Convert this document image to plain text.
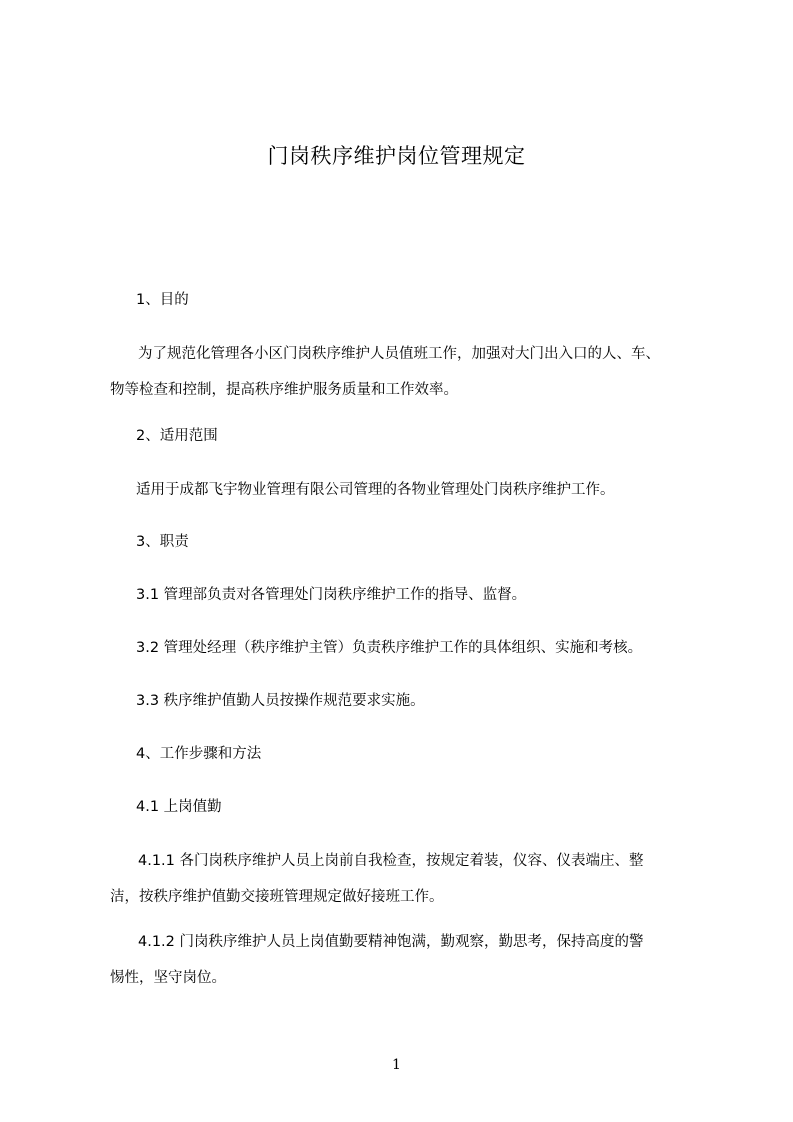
门岗秩序维护岗位管理规定
1、目的
为了规范化管理各小区门岗秩序维护人员值班工作，加强对大门出入口的人、车、
物等检查和控制，提高秩序维护服务质量和工作效率。
2、适用范围
适用于成都飞宇物业管理有限公司管理的各物业管理处门岗秩序维护工作。
3、职责
3.1 管理部负责对各管理处门岗秩序维护工作的指导、监督。
3.2 管理处经理（秩序维护主管）负责秩序维护工作的具体组织、实施和考核。
3.3 秩序维护值勤人员按操作规范要求实施。
4、工作步骤和方法
4.1 上岗值勤
4.1.1 各门岗秩序维护人员上岗前自我检查，按规定着装，仪容、仪表端庄、整
洁，按秩序维护值勤交接班管理规定做好接班工作。
4.1.2 门岗秩序维护人员上岗值勤要精神饱满，勤观察，勤思考，保持高度的警
惕性，坚守岗位。
1
